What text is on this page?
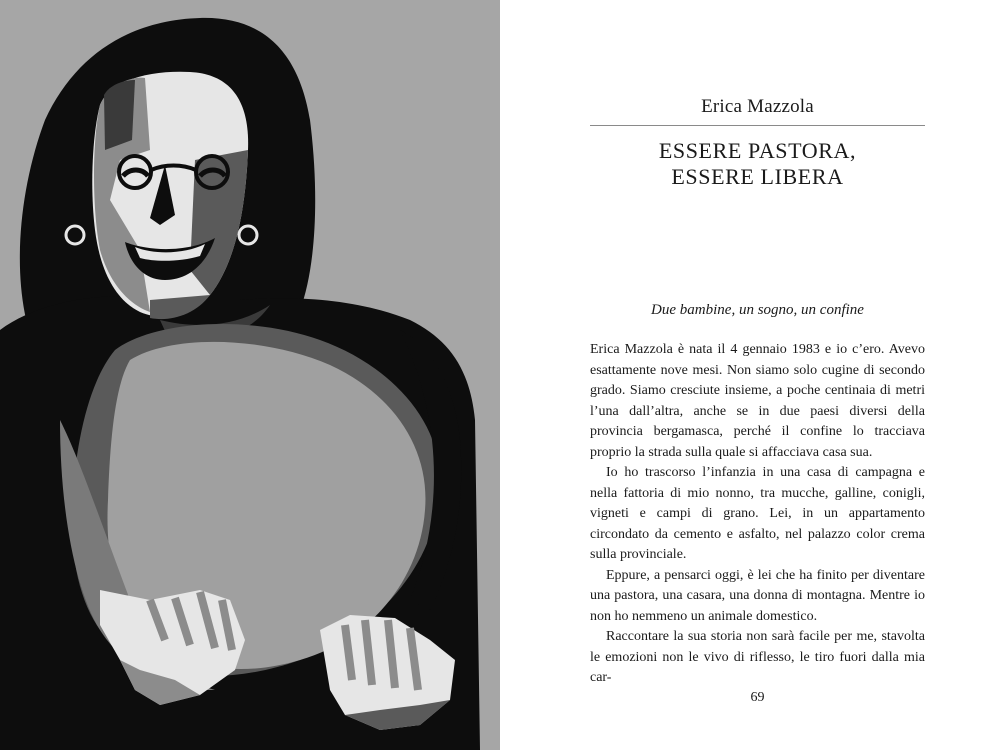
Erica Mazzola
ESSERE PASTORA,
ESSERE LIBERA
Due bambine, un sogno, un confine

Erica Mazzola è nata il 4 gennaio 1983 e io c’ero. Avevo esattamente nove mesi. Non siamo solo cugine di secondo grado. Siamo cresciute insieme, a poche centinaia di metri l’una dall’altra, anche se in due paesi diversi della provincia bergamasca, perché il confine lo tracciava proprio la strada sulla quale si affacciava casa sua.

Io ho trascorso l’infanzia in una casa di campagna e nella fattoria di mio nonno, tra mucche, galline, conigli, vigneti e campi di grano. Lei, in un appartamento circondato da cemento e asfalto, nel palazzo color crema sulla provinciale.

Eppure, a pensarci oggi, è lei che ha finito per diventare una pastora, una casara, una donna di montagna. Mentre io non ho nemmeno un animale domestico.

Raccontare la sua storia non sarà facile per me, stavolta le emozioni non le vivo di riflesso, le tiro fuori dalla mia car-

69
